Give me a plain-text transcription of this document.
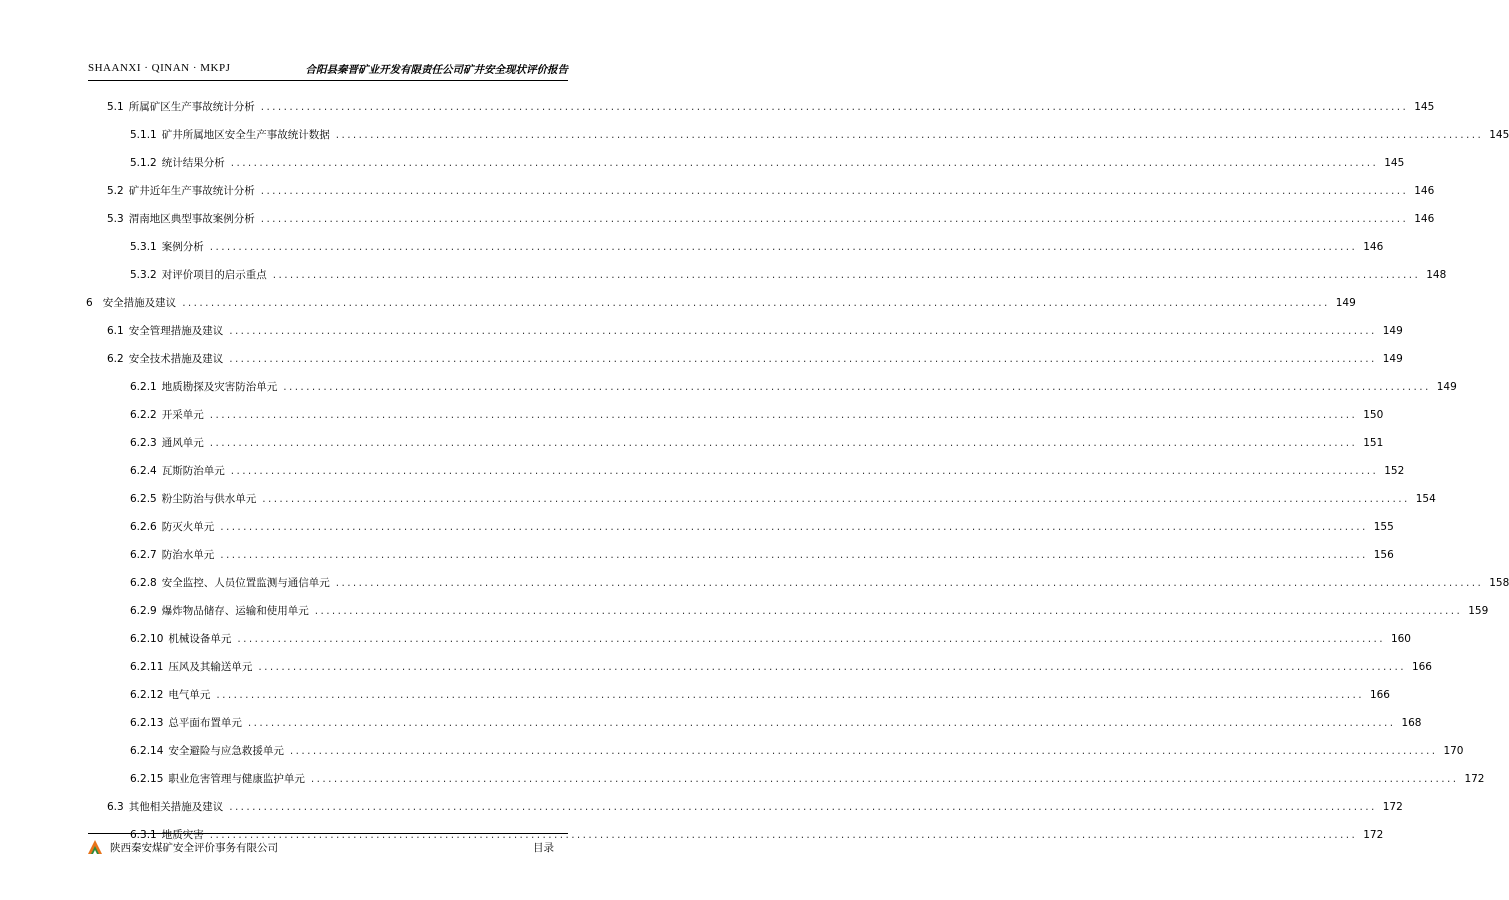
SHAANXI · QINAN · MKPJ	合阳县秦晋矿业开发有限责任公司矿井安全现状评价报告
5.1 所属矿区生产事故统计分析 ........................................................................................................................................................................................................ 145
5.1.1 矿井所属地区安全生产事故统计数据 ........................................................................................................................................................................................................ 145
5.1.2 统计结果分析 ........................................................................................................................................................................................................ 145
5.2 矿井近年生产事故统计分析 ........................................................................................................................................................................................................ 146
5.3 渭南地区典型事故案例分析 ........................................................................................................................................................................................................ 146
5.3.1 案例分析 ........................................................................................................................................................................................................ 146
5.3.2 对评价项目的启示重点 ........................................................................................................................................................................................................ 148
6 安全措施及建议 ........................................................................................................................................................................................................ 149
6.1 安全管理措施及建议 ........................................................................................................................................................................................................ 149
6.2 安全技术措施及建议 ........................................................................................................................................................................................................ 149
6.2.1 地质勘探及灾害防治单元 ........................................................................................................................................................................................................ 149
6.2.2 开采单元 ........................................................................................................................................................................................................ 150
6.2.3 通风单元 ........................................................................................................................................................................................................ 151
6.2.4 瓦斯防治单元 ........................................................................................................................................................................................................ 152
6.2.5 粉尘防治与供水单元 ........................................................................................................................................................................................................ 154
6.2.6 防灭火单元 ........................................................................................................................................................................................................ 155
6.2.7 防治水单元 ........................................................................................................................................................................................................ 156
6.2.8 安全监控、人员位置监测与通信单元 ........................................................................................................................................................................................................ 158
6.2.9 爆炸物品储存、运输和使用单元 ........................................................................................................................................................................................................ 159
6.2.10 机械设备单元 ........................................................................................................................................................................................................ 160
6.2.11 压风及其输送单元 ........................................................................................................................................................................................................ 166
6.2.12 电气单元 ........................................................................................................................................................................................................ 166
6.2.13 总平面布置单元 ........................................................................................................................................................................................................ 168
6.2.14 安全避险与应急救援单元 ........................................................................................................................................................................................................ 170
6.2.15 职业危害管理与健康监护单元 ........................................................................................................................................................................................................ 172
6.3 其他相关措施及建议 ........................................................................................................................................................................................................ 172
6.3.1 地质灾害 ........................................................................................................................................................................................................ 172
陕西秦安煤矿安全评价事务有限公司	目录
